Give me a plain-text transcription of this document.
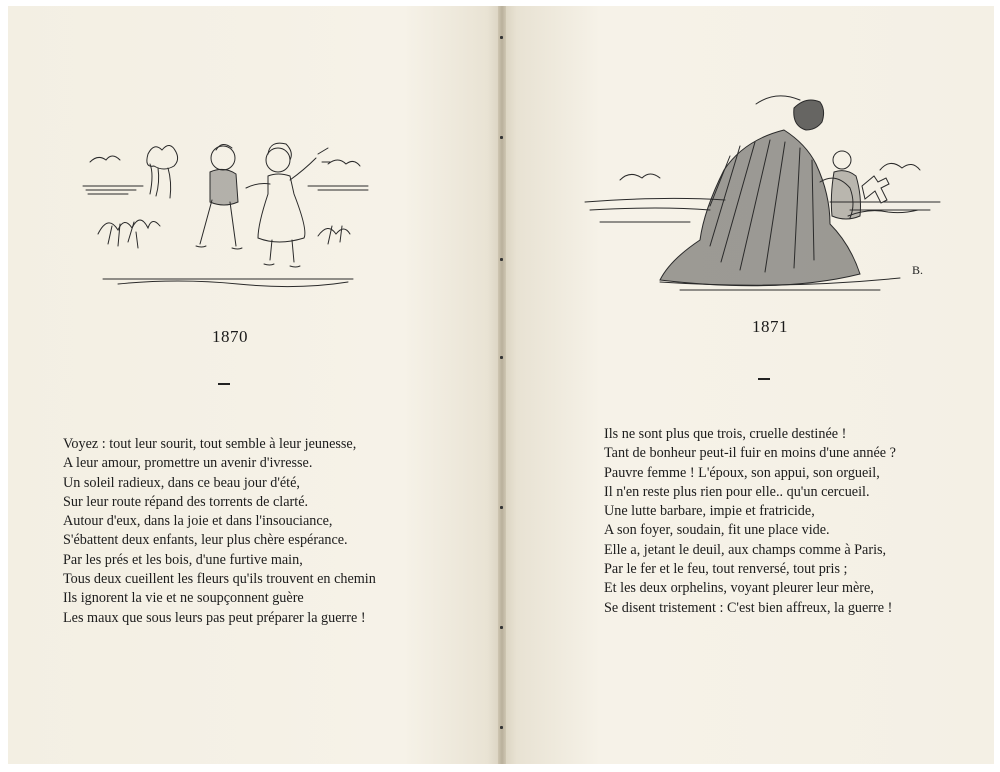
1870
Voyez : tout leur sourit, tout semble à leur jeunesse,
A leur amour, promettre un avenir d'ivresse.
Un soleil radieux, dans ce beau jour d'été,
Sur leur route répand des torrents de clarté.
Autour d'eux, dans la joie et dans l'insouciance,
S'ébattent deux enfants, leur plus chère espérance.
Par les prés et les bois, d'une furtive main,
Tous deux cueillent les fleurs qu'ils trouvent en chemin
Ils ignorent la vie et ne soupçonnent guère
Les maux que sous leurs pas peut préparer la guerre !
B.
1871
Ils ne sont plus que trois, cruelle destinée !
Tant de bonheur peut-il fuir en moins d'une année ?
Pauvre femme ! L'époux, son appui, son orgueil,
Il n'en reste plus rien pour elle.. qu'un cercueil.
Une lutte barbare, impie et fratricide,
A son foyer, soudain, fit une place vide.
Elle a, jetant le deuil, aux champs comme à Paris,
Par le fer et le feu, tout renversé, tout pris ;
Et les deux orphelins, voyant pleurer leur mère,
Se disent tristement : C'est bien affreux, la guerre !
